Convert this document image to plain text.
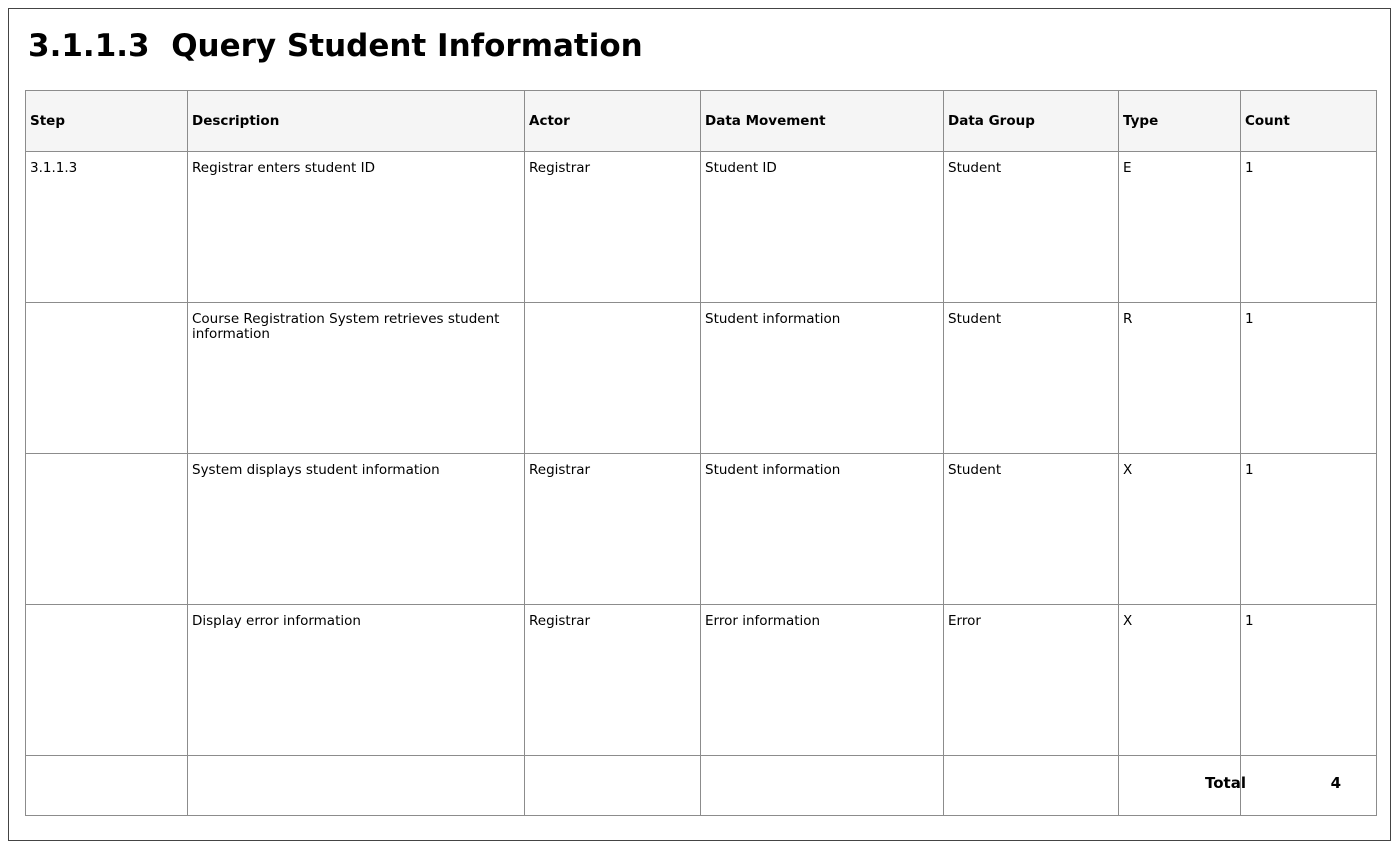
3.1.1.3  Query Student Information
Step	Description	Actor	Data Movement	Data Group	Type	Count
3.1.1.3	Registrar enters student ID	Registrar	Student ID	Student	E	1
	Course Registration System retrieves student information		Student information	Student	R	1
	System displays student information	Registrar	Student information	Student	X	1
	Display error information	Registrar	Error information	Error	X	1

					Total	4
